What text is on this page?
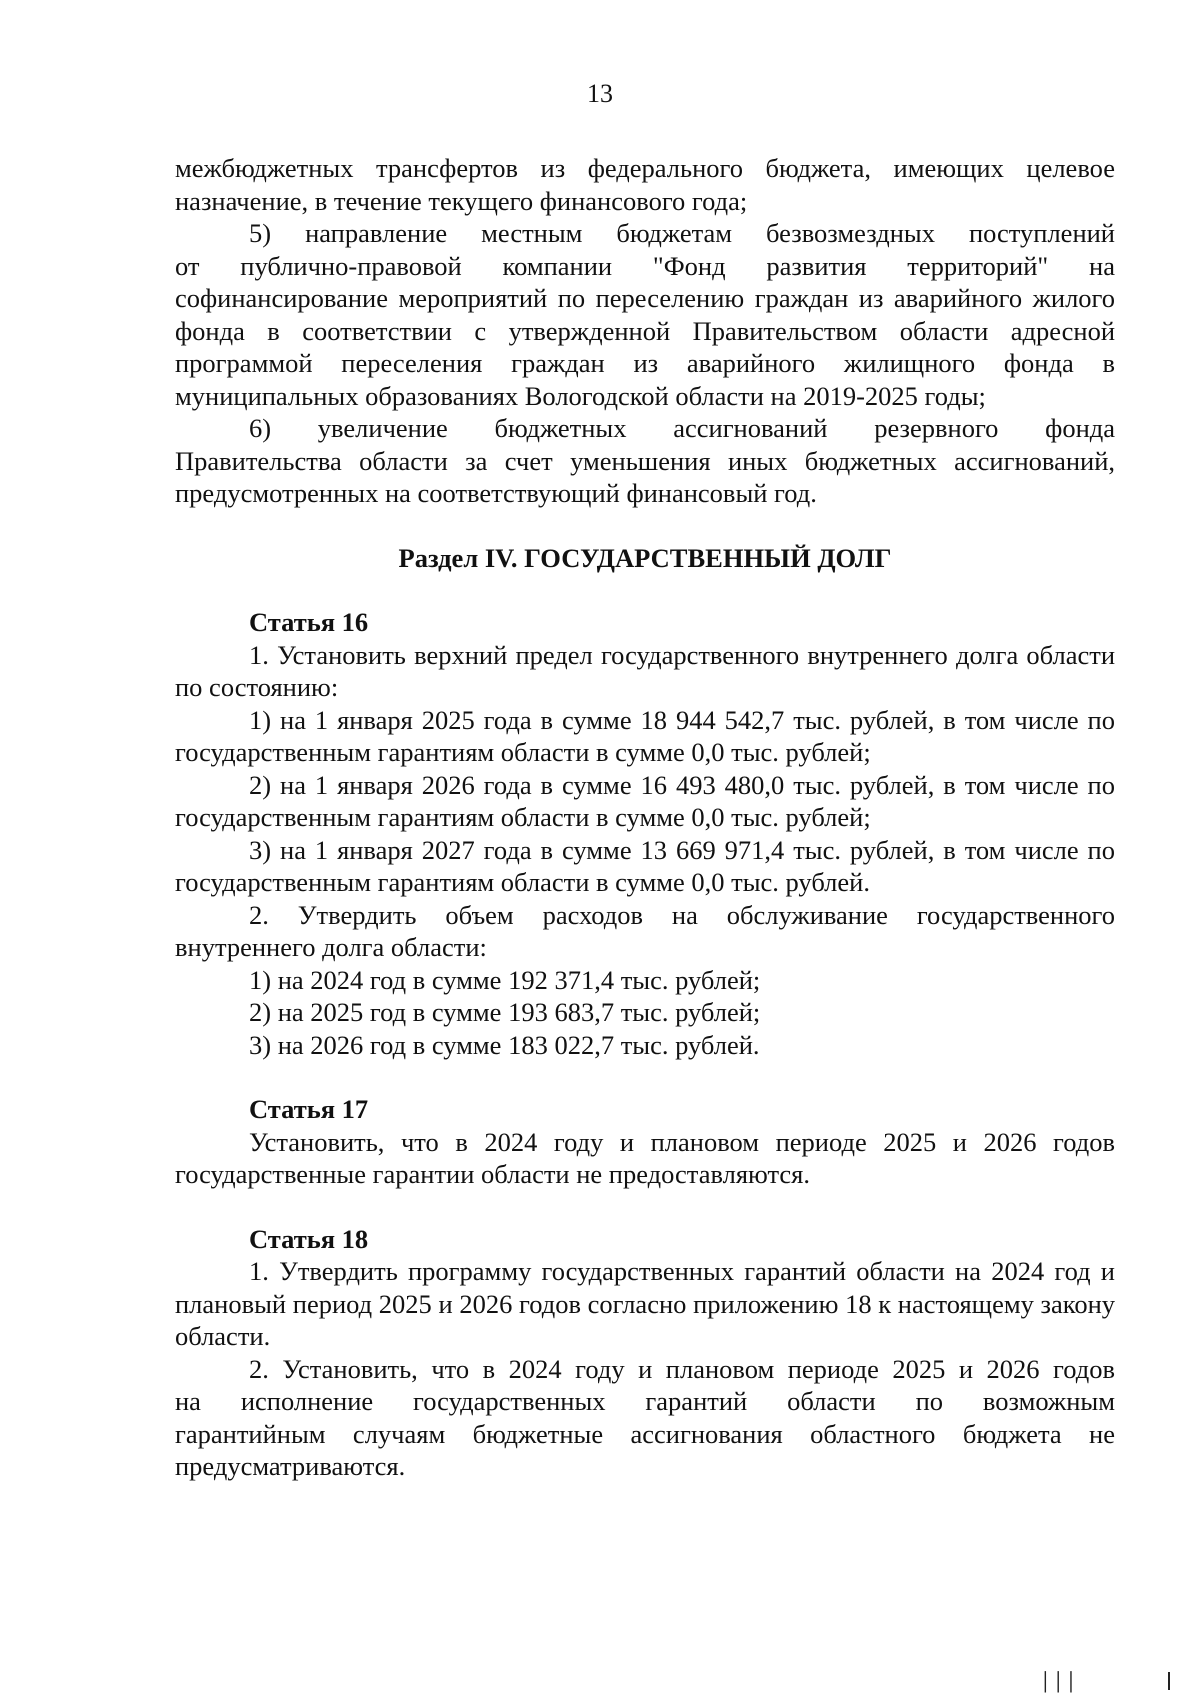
13

межбюджетных трансфертов из федерального бюджета, имеющих целевое

назначение, в течение текущего финансового года;

5) направление местным бюджетам безвозмездных поступлений

от публично-правовой компании "Фонд развития территорий" на

софинансирование мероприятий по переселению граждан из аварийного жилого фонда в соответствии с утвержденной Правительством области адресной программой переселения граждан из аварийного жилищного фонда в муниципальных образованиях Вологодской области на 2019-2025 годы;

6) увеличение бюджетных ассигнований резервного фонда

Правительства области за счет уменьшения иных бюджетных ассигнований, предусмотренных на соответствующий финансовый год.

Раздел IV. ГОСУДАРСТВЕННЫЙ ДОЛГ

Статья 16

1. Установить верхний предел государственного внутреннего долга области по состоянию:

1) на 1 января 2025 года в сумме 18 944 542,7 тыс. рублей, в том числе по государственным гарантиям области в сумме 0,0 тыс. рублей;

2) на 1 января 2026 года в сумме 16 493 480,0 тыс. рублей, в том числе по государственным гарантиям области в сумме 0,0 тыс. рублей;

3) на 1 января 2027 года в сумме 13 669 971,4 тыс. рублей, в том числе по государственным гарантиям области в сумме 0,0 тыс. рублей.

2. Утвердить объем расходов на обслуживание государственного внутреннего долга области:

1) на 2024 год в сумме 192 371,4 тыс. рублей;

2) на 2025 год в сумме 193 683,7 тыс. рублей;

3) на 2026 год в сумме 183 022,7 тыс. рублей.

Статья 17

Установить, что в 2024 году и плановом периоде 2025 и 2026 годов государственные гарантии области не предоставляются.

Статья 18

1. Утвердить программу государственных гарантий области на 2024 год и плановый период 2025 и 2026 годов согласно приложению 18 к настоящему закону области.

2. Установить, что в 2024 году и плановом периоде 2025 и 2026 годов

на исполнение государственных гарантий области по возможным

гарантийным случаям бюджетные ассигнования областного бюджета не предусматриваются.

│││
